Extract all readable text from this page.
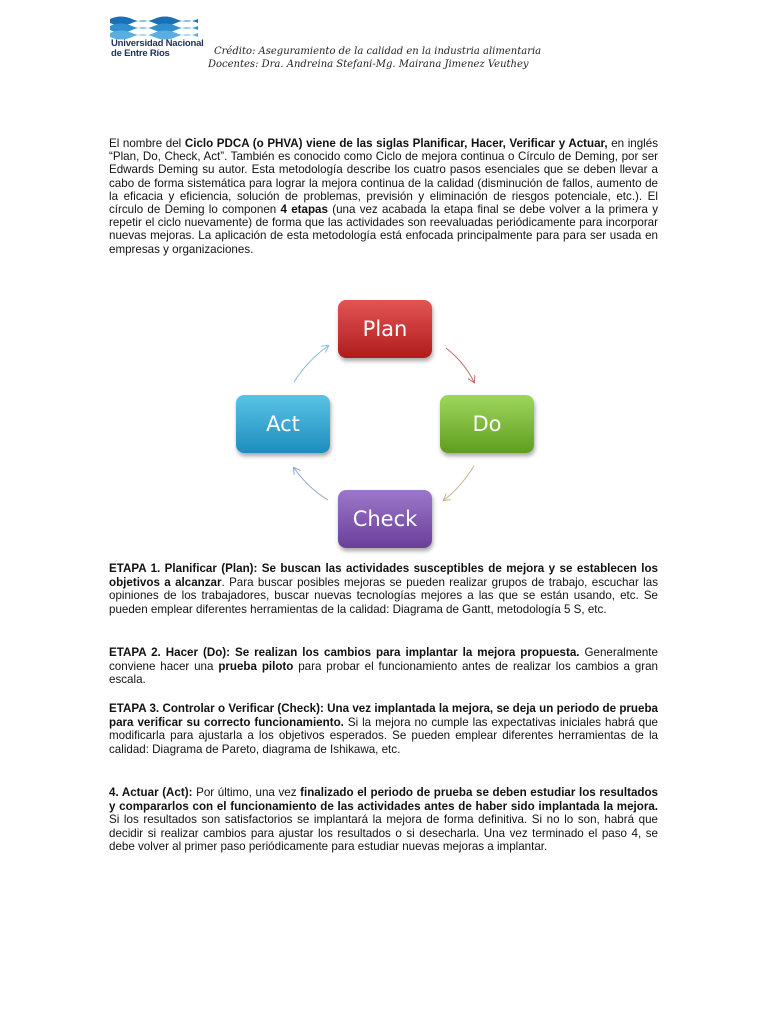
Universidad Nacional
de Entre Ríos	Crédito: Aseguramiento de la calidad en la industria alimentaria
Docentes: Dra. Andreina Stefani-Mg. Mairana Jimenez Veuthey

El nombre del Ciclo PDCA (o PHVA) viene de las siglas Planificar, Hacer, Verificar y Actuar, en inglés “Plan, Do, Check, Act”. También es conocido como Ciclo de mejora continua o Círculo de Deming, por ser Edwards Deming su autor. Esta metodología describe los cuatro pasos esenciales que se deben llevar a cabo de forma sistemática para lograr la mejora continua de la calidad (disminución de fallos, aumento de la eficacia y eficiencia, solución de problemas, previsión y eliminación de riesgos potenciale, etc.). El círculo de Deming lo componen 4 etapas (una vez acabada la etapa final se debe volver a la primera y repetir el ciclo nuevamente) de forma que las actividades son reevaluadas periódicamente para incorporar nuevas mejoras. La aplicación de esta metodología está enfocada principalmente para para ser usada en empresas y organizaciones.

Plan
Do
Check
Act

ETAPA 1. Planificar (Plan): Se buscan las actividades susceptibles de mejora y se establecen los objetivos a alcanzar. Para buscar posibles mejoras se pueden realizar grupos de trabajo, escuchar las opiniones de los trabajadores, buscar nuevas tecnologías mejores a las que se están usando, etc. Se pueden emplear diferentes herramientas de la calidad: Diagrama de Gantt, metodología 5 S, etc.

ETAPA 2. Hacer (Do): Se realizan los cambios para implantar la mejora propuesta. Generalmente conviene hacer una prueba piloto para probar el funcionamiento antes de realizar los cambios a gran escala.

ETAPA 3. Controlar o Verificar (Check): Una vez implantada la mejora, se deja un periodo de prueba para verificar su correcto funcionamiento. Si la mejora no cumple las expectativas iniciales habrá que modificarla para ajustarla a los objetivos esperados. Se pueden emplear diferentes herramientas de la calidad: Diagrama de Pareto, diagrama de Ishikawa, etc.

4. Actuar (Act): Por último, una vez finalizado el periodo de prueba se deben estudiar los resultados y compararlos con el funcionamiento de las actividades antes de haber sido implantada la mejora. Si los resultados son satisfactorios se implantará la mejora de forma definitiva. Si no lo son, habrá que decidir si realizar cambios para ajustar los resultados o si desecharla. Una vez terminado el paso 4, se debe volver al primer paso periódicamente para estudiar nuevas mejoras a implantar.
